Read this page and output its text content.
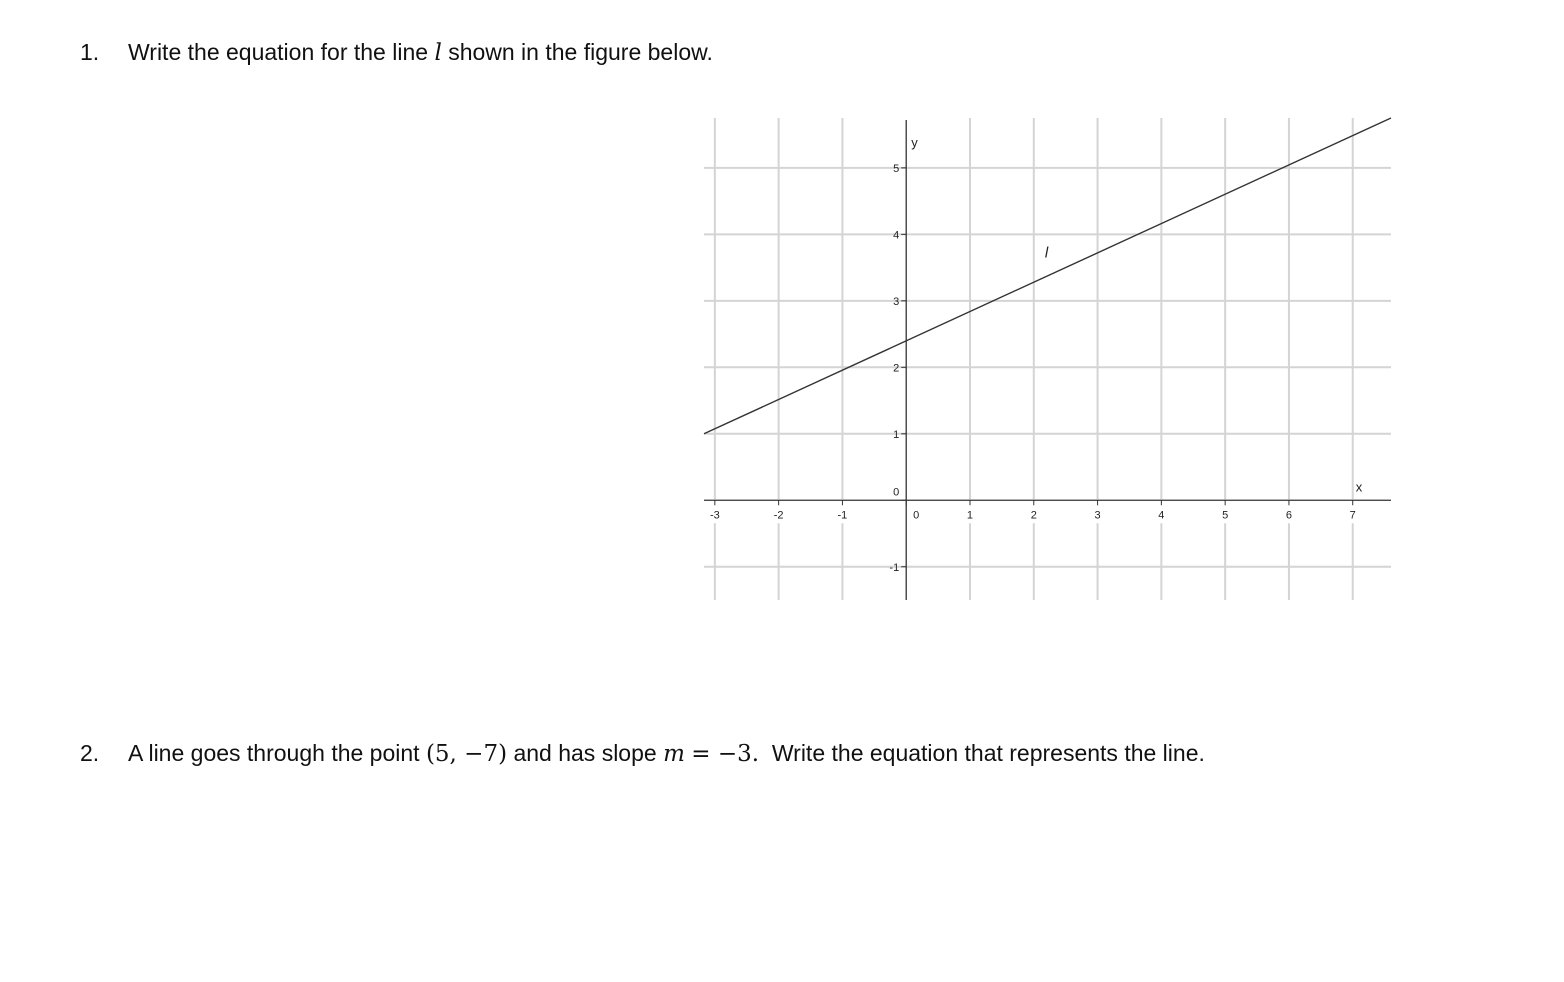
1. Write the equation for the line l shown in the figure below.
-3	-2	-1	0	1	2	3	4	5	6	7
-1
0
1
2
3
4
5
y
x
l
2. A line goes through the point (5, −7) and has slope m = −3. Write the equation that represents the line.
